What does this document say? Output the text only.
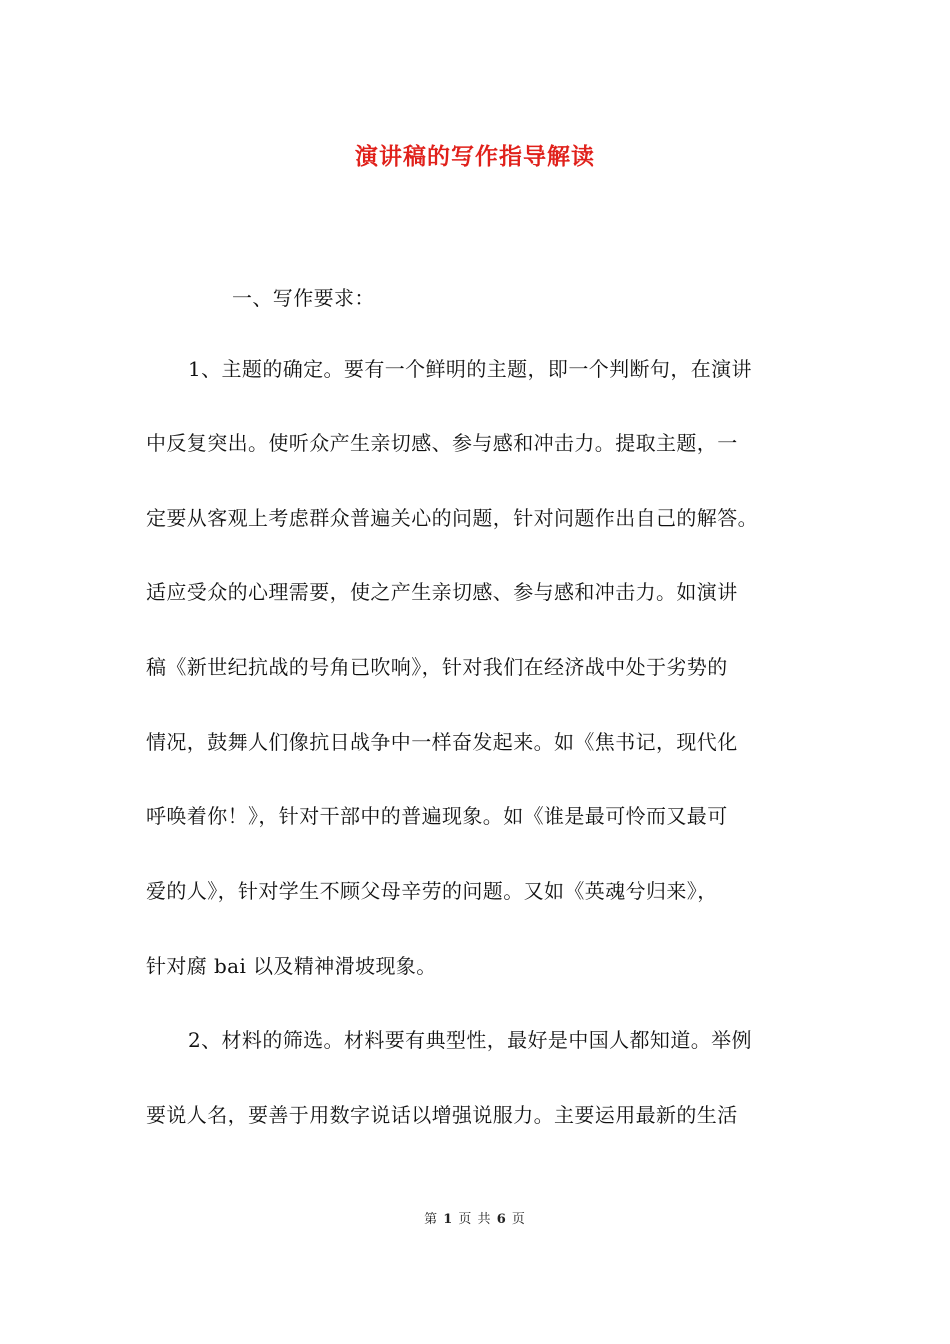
演讲稿的写作指导解读
一、写作要求：
1、主题的确定。要有一个鲜明的主题，即一个判断句，在演讲
中反复突出。使听众产生亲切感、参与感和冲击力。提取主题，一
定要从客观上考虑群众普遍关心的问题，针对问题作出自己的解答。
适应受众的心理需要，使之产生亲切感、参与感和冲击力。如演讲
稿《新世纪抗战的号角已吹响》，针对我们在经济战中处于劣势的
情况，鼓舞人们像抗日战争中一样奋发起来。如《焦书记，现代化
呼唤着你！》，针对干部中的普遍现象。如《谁是最可怜而又最可
爱的人》，针对学生不顾父母辛劳的问题。又如《英魂兮归来》，
针对腐 bai 以及精神滑坡现象。
2、材料的筛选。材料要有典型性，最好是中国人都知道。举例
要说人名，要善于用数字说话以增强说服力。主要运用最新的生活
第 1 页 共 6 页
